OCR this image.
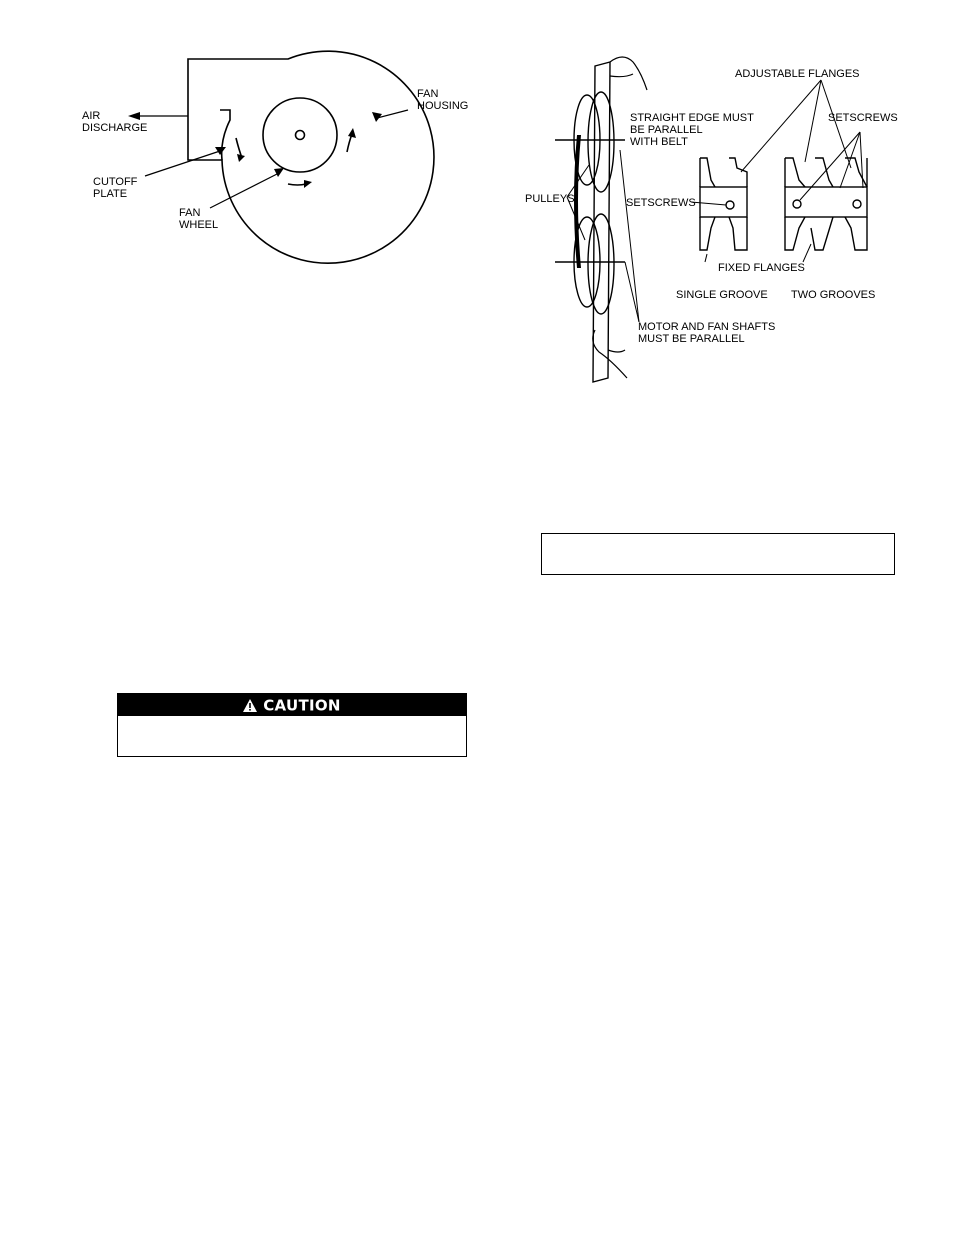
AIR
DISCHARGE
FAN
HOUSING
CUTOFF
PLATE
FAN
WHEEL
ADJUSTABLE FLANGES
STRAIGHT EDGE MUST
BE PARALLEL
WITH BELT
SETSCREWS
PULLEYS	SETSCREWS
FIXED FLANGES
SINGLE GROOVE TWO GROOVES
MOTOR AND FAN SHAFTS
MUST BE PARALLEL
CAUTION
